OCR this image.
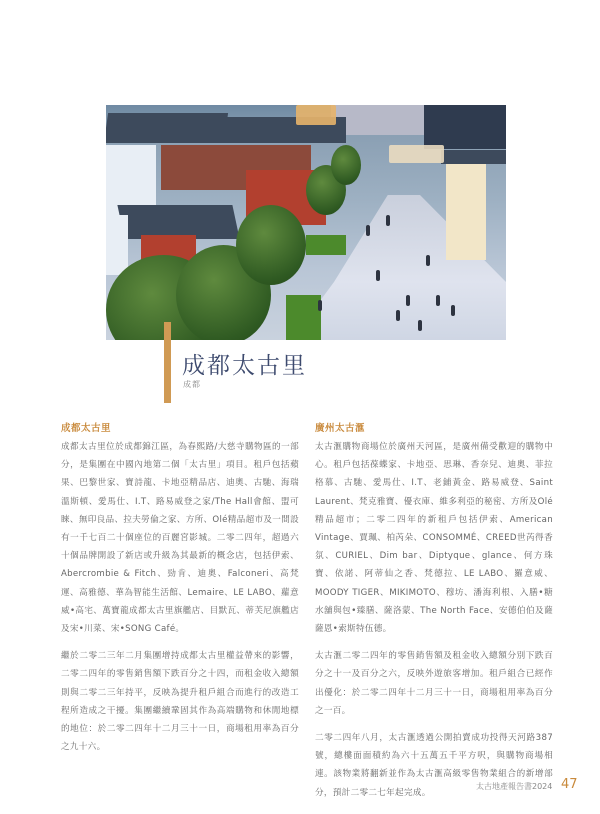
成都太古里
成都
成都太古里

成都太古里位於成都錦江區，為春熙路/大慈寺購物區的一部分，是集團在中國內地第二個「太古里」項目。租戶包括蘋果、巴黎世家、寶詩龍、卡地亞精品店、迪奧、古馳、海瑞溫斯頓、愛馬仕、I.T、路易威登之家/The Hall會館、盟可睞、無印良品、拉夫勞倫之家、方所、Olé精品超市及一間設有一千七百二十個座位的百麗宮影城。二零二四年，超過六十個品牌開設了新店或升級為其最新的概念店，包括伊索、Abercrombie & Fitch、勁肯、迪奧、Falconeri、高梵運、高雅德、華為智能生活館、Lemaire、LE LABO、蘿意威•高宅、萬寶龍成都太古里旗艦店、目默瓦、蒂芙尼旗艦店及宋•川菜、宋•SONG Café。

繼於二零二三年二月集團增持成都太古里權益帶來的影響，二零二四年的零售銷售額下跌百分之十四，而租金收入總額則與二零二三年持平，反映為提升租戶組合而進行的改造工程所造成之干擾。集團繼續鞏固其作為高端購物和休閒地標的地位：於二零二四年十二月三十一日，商場租用率為百分之九十六。

廣州太古滙

太古滙購物商場位於廣州天河區，是廣州備受歡迎的購物中心。租戶包括葆蝶家、卡地亞、思琳、香奈兒、迪奧、菲拉格慕、古馳、愛馬仕、I.T、老鋪黃金、路易威登、Saint Laurent、梵克雅寶、優衣庫、維多利亞的秘密、方所及Olé精品超市；二零二四年的新租戶包括伊索、American Vintage、賈珮、柏芮朵、CONSOMMÉ、CREED世芮得香氛、CURIEL、Dim bar、Diptyque、glance、何方珠寶、依諾、阿蒂仙之香、梵德拉、LE LABO、羅意威、MOODY TIGER、MIKIMOTO、穆坊、潘海利根、入膳•糖水舖與包•臻膳、薩洛蒙、The North Face、安德伯伯及薩薩恩•索斯特伍德。

太古滙二零二四年的零售銷售額及租金收入總額分別下跌百分之十一及百分之六，反映外遊旅客增加。租戶組合已經作出優化：於二零二四年十二月三十一日，商場租用率為百分之一百。

二零二四年八月，太古滙透過公開拍賣成功投得天河路387號，總樓面面積約為六十五萬五千平方呎，與購物商場相連。該物業將翻新並作為太古滙高級零售物業組合的新增部分，預計二零二七年起完成。

太古地產報告書2024 47
